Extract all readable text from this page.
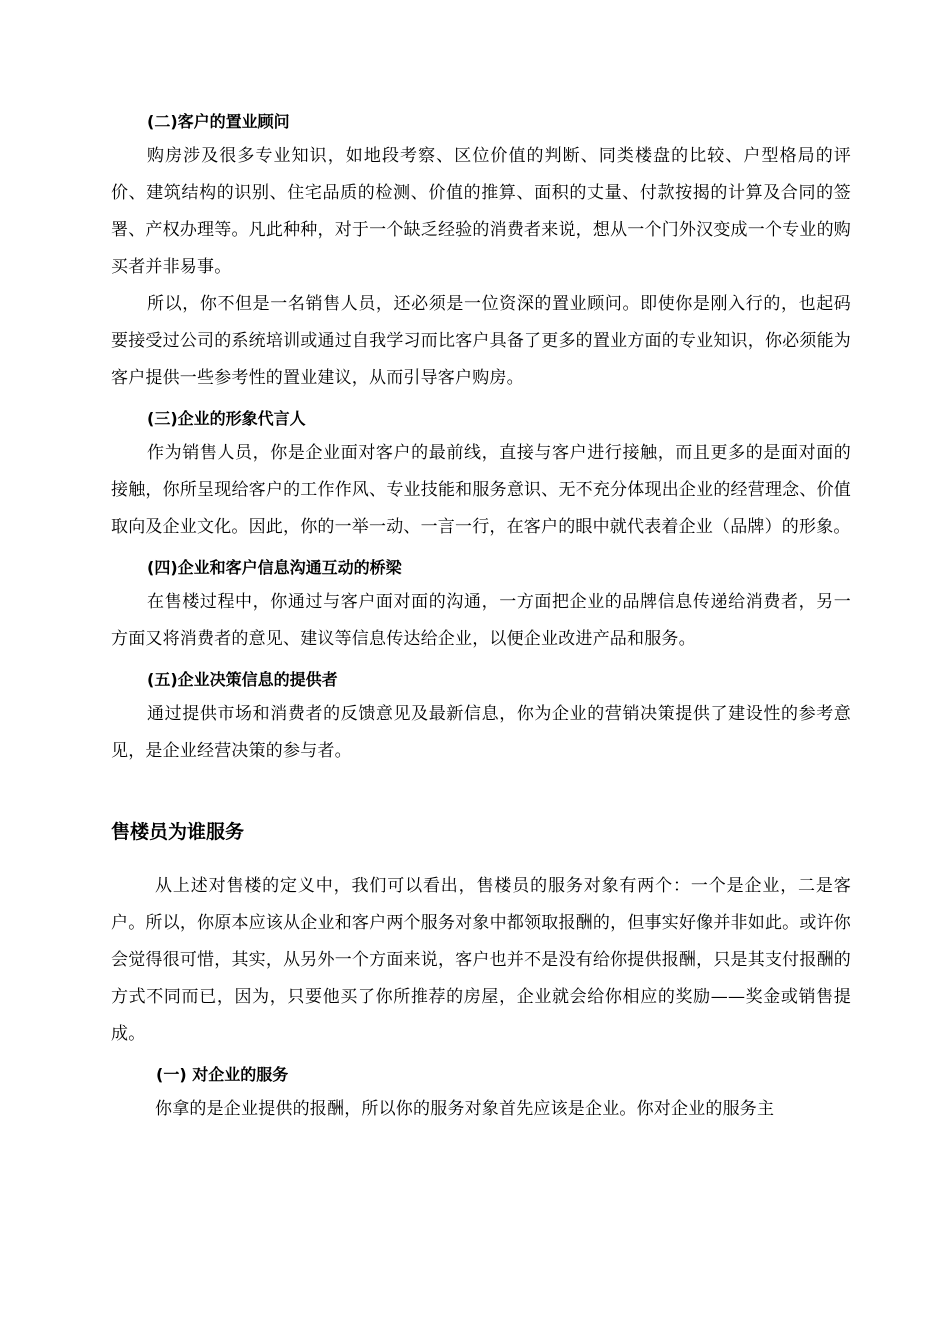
(二)客户的置业顾问

购房涉及很多专业知识，如地段考察、区位价值的判断、同类楼盘的比较、户型格局的评价、建筑结构的识别、住宅品质的检测、价值的推算、面积的丈量、付款按揭的计算及合同的签署、产权办理等。凡此种种，对于一个缺乏经验的消费者来说，想从一个门外汉变成一个专业的购买者并非易事。

所以，你不但是一名销售人员，还必须是一位资深的置业顾问。即使你是刚入行的，也起码要接受过公司的系统培训或通过自我学习而比客户具备了更多的置业方面的专业知识，你必须能为客户提供一些参考性的置业建议，从而引导客户购房。

(三)企业的形象代言人

作为销售人员，你是企业面对客户的最前线，直接与客户进行接触，而且更多的是面对面的接触，你所呈现给客户的工作作风、专业技能和服务意识、无不充分体现出企业的经营理念、价值取向及企业文化。因此，你的一举一动、一言一行，在客户的眼中就代表着企业（品牌）的形象。

(四)企业和客户信息沟通互动的桥梁

在售楼过程中，你通过与客户面对面的沟通，一方面把企业的品牌信息传递给消费者，另一方面又将消费者的意见、建议等信息传达给企业，以便企业改进产品和服务。

(五)企业决策信息的提供者

通过提供市场和消费者的反馈意见及最新信息，你为企业的营销决策提供了建设性的参考意见，是企业经营决策的参与者。

售楼员为谁服务

从上述对售楼的定义中，我们可以看出，售楼员的服务对象有两个：一个是企业，二是客户。所以，你原本应该从企业和客户两个服务对象中都领取报酬的，但事实好像并非如此。或许你会觉得很可惜，其实，从另外一个方面来说，客户也并不是没有给你提供报酬，只是其支付报酬的方式不同而已，因为，只要他买了你所推荐的房屋，企业就会给你相应的奖励——奖金或销售提成。

(一) 对企业的服务

你拿的是企业提供的报酬，所以你的服务对象首先应该是企业。你对企业的服务主
